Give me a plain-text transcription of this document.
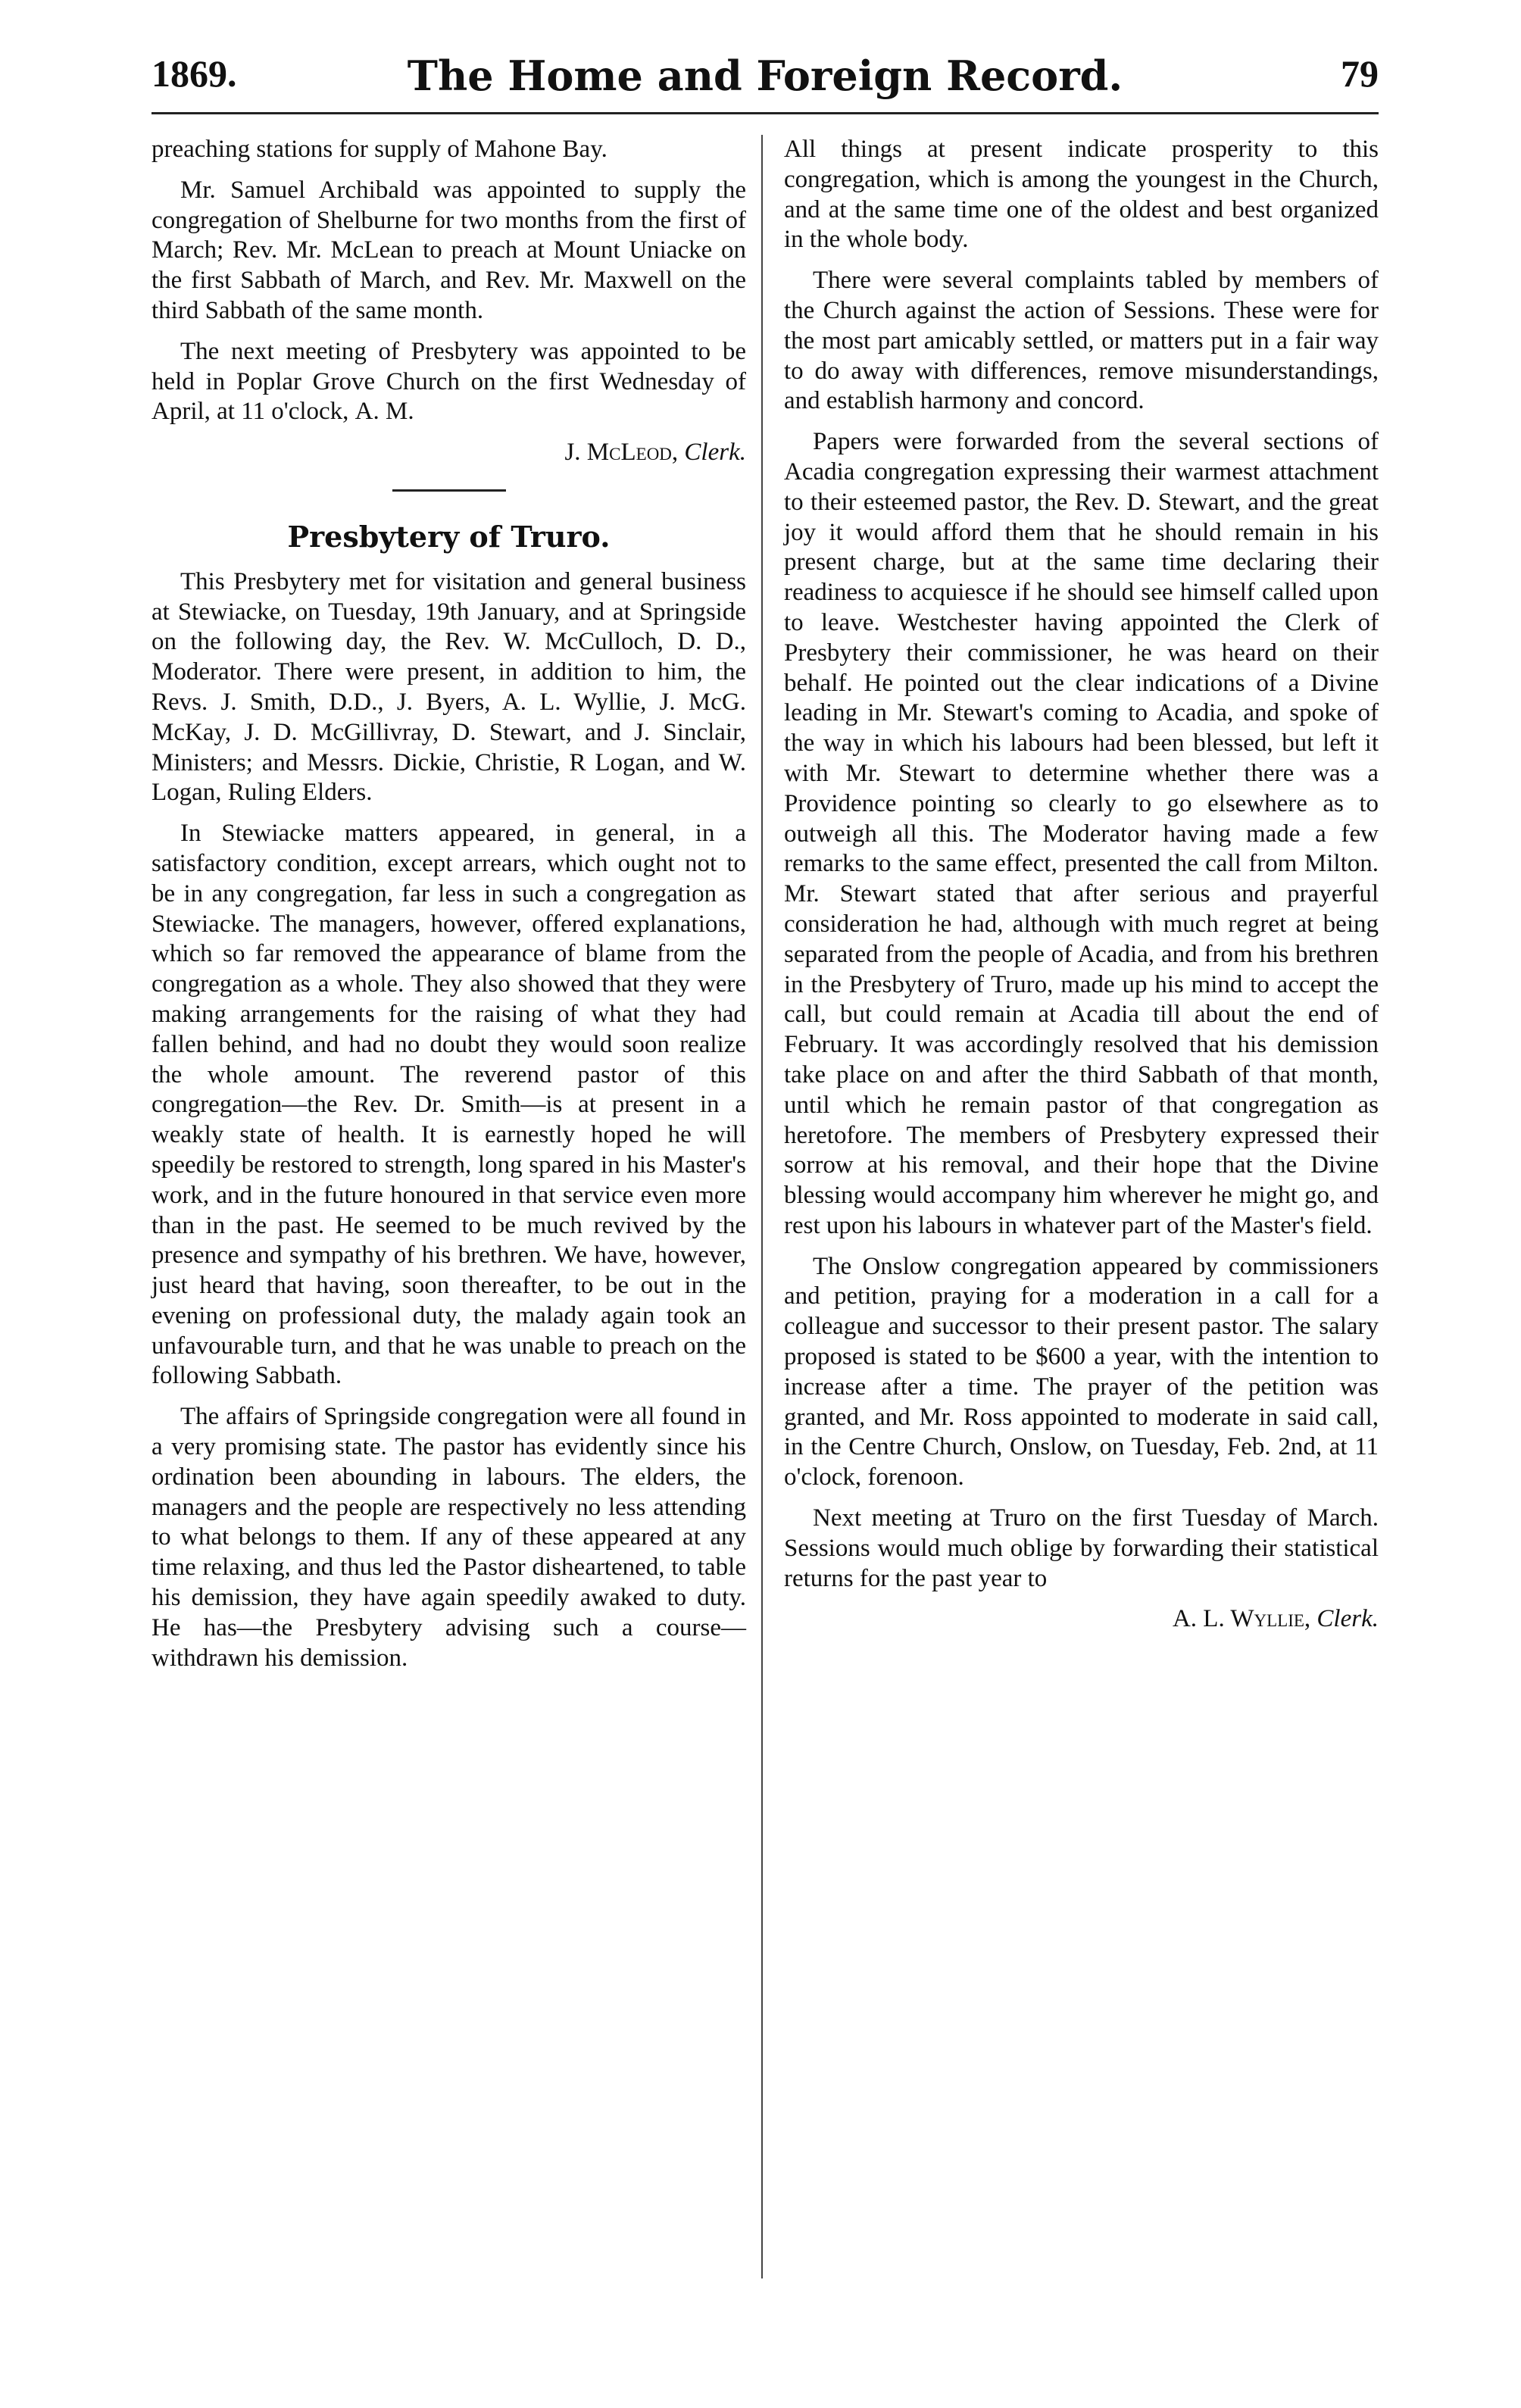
1869.	The Home and Foreign Record.	79

preaching stations for supply of Mahone Bay.

Mr. Samuel Archibald was appointed to supply the congregation of Shelburne for two months from the first of March; Rev. Mr. McLean to preach at Mount Uniacke on the first Sabbath of March, and Rev. Mr. Maxwell on the third Sabbath of the same month.

The next meeting of Presbytery was appointed to be held in Poplar Grove Church on the first Wednesday of April, at 11 o'clock, A. M.

J. McLeod, Clerk.
Presbytery of Truro.

This Presbytery met for visitation and general business at Stewiacke, on Tuesday, 19th January, and at Springside on the following day, the Rev. W. McCulloch, D. D., Moderator. There were present, in addition to him, the Revs. J. Smith, D.D., J. Byers, A. L. Wyllie, J. McG. McKay, J. D. McGillivray, D. Stewart, and J. Sinclair, Ministers; and Messrs. Dickie, Christie, R Logan, and W. Logan, Ruling Elders.

In Stewiacke matters appeared, in general, in a satisfactory condition, except arrears, which ought not to be in any congregation, far less in such a congregation as Stewiacke. The managers, however, offered explanations, which so far removed the appearance of blame from the congregation as a whole. They also showed that they were making arrangements for the raising of what they had fallen behind, and had no doubt they would soon realize the whole amount. The reverend pastor of this congregation—the Rev. Dr. Smith—is at present in a weakly state of health. It is earnestly hoped he will speedily be restored to strength, long spared in his Master's work, and in the future honoured in that service even more than in the past. He seemed to be much revived by the presence and sympathy of his brethren. We have, however, just heard that having, soon thereafter, to be out in the evening on professional duty, the malady again took an unfavourable turn, and that he was unable to preach on the following Sabbath.

The affairs of Springside congregation were all found in a very promising state. The pastor has evidently since his ordination been abounding in labours. The elders, the managers and the people are respectively no less attending to what belongs to them. If any of these appeared at any time relaxing, and thus led the Pastor disheartened, to table his demission, they have again speedily awaked to duty. He has—the Presbytery advising such a course—withdrawn his demission.

All things at present indicate prosperity to this congregation, which is among the youngest in the Church, and at the same time one of the oldest and best organized in the whole body.

There were several complaints tabled by members of the Church against the action of Sessions. These were for the most part amicably settled, or matters put in a fair way to do away with differences, remove misunderstandings, and establish harmony and concord.

Papers were forwarded from the several sections of Acadia congregation expressing their warmest attachment to their esteemed pastor, the Rev. D. Stewart, and the great joy it would afford them that he should remain in his present charge, but at the same time declaring their readiness to acquiesce if he should see himself called upon to leave. Westchester having appointed the Clerk of Presbytery their commissioner, he was heard on their behalf. He pointed out the clear indications of a Divine leading in Mr. Stewart's coming to Acadia, and spoke of the way in which his labours had been blessed, but left it with Mr. Stewart to determine whether there was a Providence pointing so clearly to go elsewhere as to outweigh all this. The Moderator having made a few remarks to the same effect, presented the call from Milton. Mr. Stewart stated that after serious and prayerful consideration he had, although with much regret at being separated from the people of Acadia, and from his brethren in the Presbytery of Truro, made up his mind to accept the call, but could remain at Acadia till about the end of February. It was accordingly resolved that his demission take place on and after the third Sabbath of that month, until which he remain pastor of that congregation as heretofore. The members of Presbytery expressed their sorrow at his removal, and their hope that the Divine blessing would accompany him wherever he might go, and rest upon his labours in whatever part of the Master's field.

The Onslow congregation appeared by commissioners and petition, praying for a moderation in a call for a colleague and successor to their present pastor. The salary proposed is stated to be $600 a year, with the intention to increase after a time. The prayer of the petition was granted, and Mr. Ross appointed to moderate in said call, in the Centre Church, Onslow, on Tuesday, Feb. 2nd, at 11 o'clock, forenoon.

Next meeting at Truro on the first Tuesday of March. Sessions would much oblige by forwarding their statistical returns for the past year to

A. L. Wyllie, Clerk.
